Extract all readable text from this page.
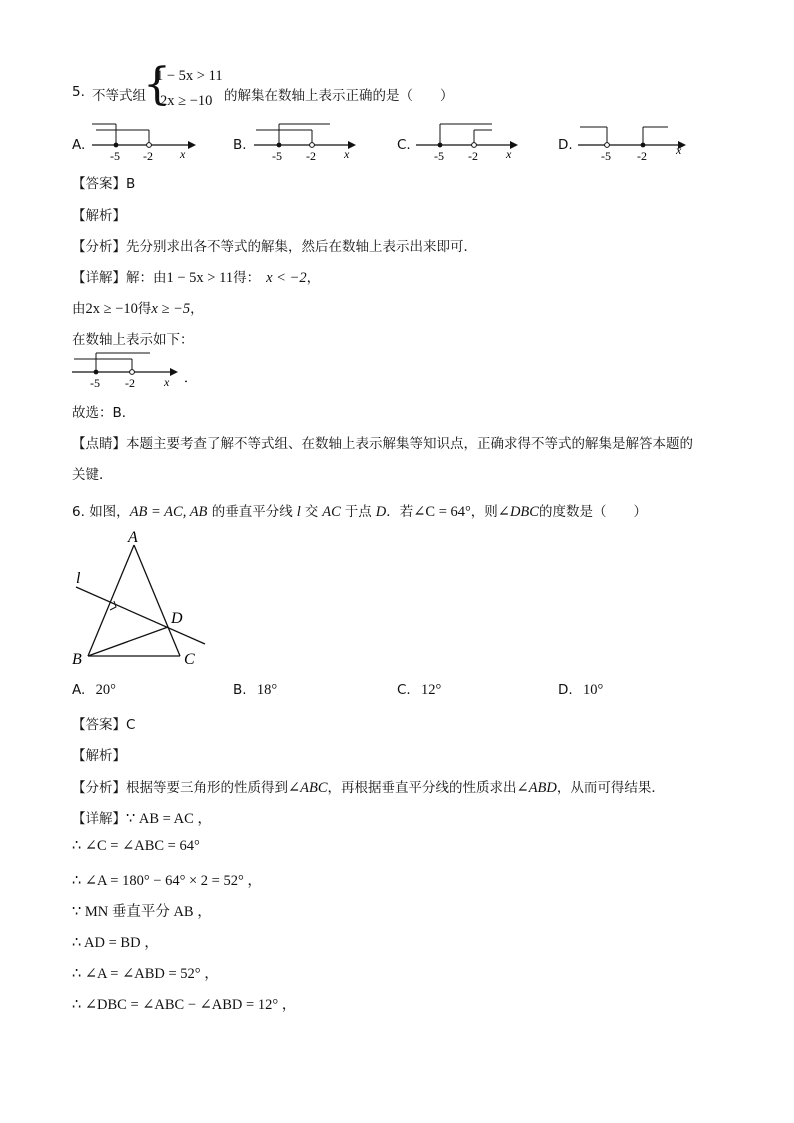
5. 不等式组
{
1 − 5x > 11
2x ≥ −10 的解集在数轴上表示正确的是（　　）
A.
-5 -2 x
B.
-5 -2 x
C.
-5 -2 x
D.
-5 -2 x
【答案】B
【解析】
【分析】先分别求出各不等式的解集，然后在数轴上表示出来即可．
【详解】解：由1 − 5x > 11得： x < −2，
由2x ≥ −10得x ≥ −5，
在数轴上表示如下：
-5 -2 x ．
故选：B．
【点睛】本题主要考查了解不等式组、在数轴上表示解集等知识点，正确求得不等式的解集是解答本题的
关键．
6. 如图，AB = AC, AB 的垂直平分线 l 交 AC 于点 D．若∠C = 64°，则∠DBC的度数是（　　）
A
B	C
D
l
A. 20°	B. 18°	C. 12°	D. 10°
【答案】C
【解析】
【分析】根据等要三角形的性质得到∠ABC，再根据垂直平分线的性质求出∠ABD，从而可得结果．
【详解】∵ AB = AC ，
∴ ∠C = ∠ABC = 64°
∴ ∠A = 180° − 64° × 2 = 52° ，
∵ MN 垂直平分 AB ，
∴ AD = BD ，
∴ ∠A = ∠ABD = 52° ，
∴ ∠DBC = ∠ABC − ∠ABD = 12° ，
